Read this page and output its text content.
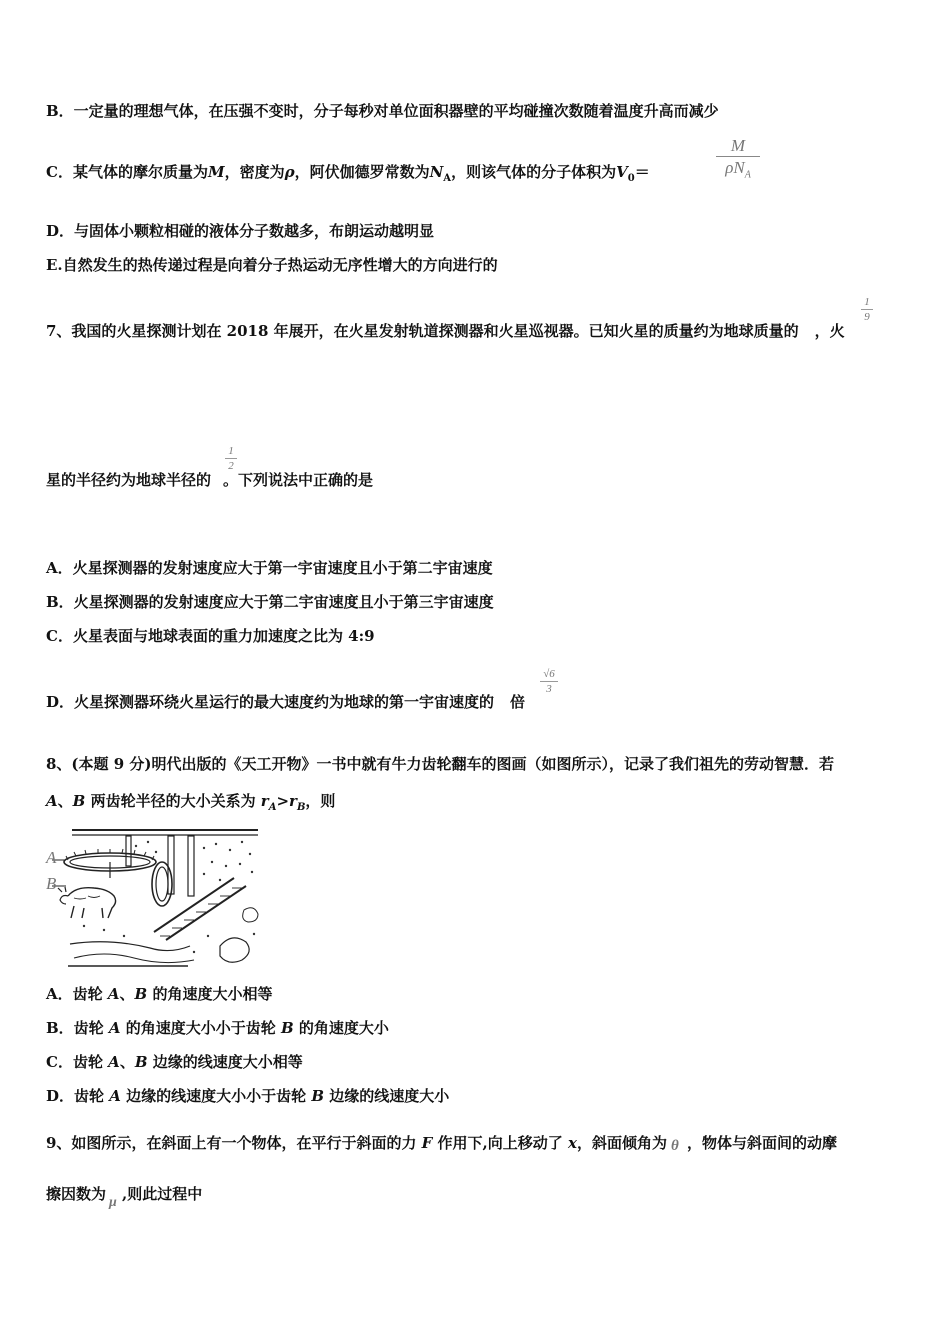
B．一定量的理想气体，在压强不变时，分子每秒对单位面积器壁的平均碰撞次数随着温度升高而减少
C．某气体的摩尔质量为M，密度为ρ，阿伏伽德罗常数为$N_A$，则该气体的分子体积为$V_0=$
M
$\rho N_A$
D．与固体小颗粒相碰的液体分子数越多，布朗运动越明显
E.自然发生的热传递过程是向着分子热运动无序性增大的方向进行的
7、我国的火星探测计划在 2018 年展开，在火星发射轨道探测器和火星巡视器。已知火星的质量约为地球质量的 ，火
1
9
星的半径约为地球半径的 。下列说法中正确的是
1
2
A．火星探测器的发射速度应大于第一宇宙速度且小于第二宇宙速度
B．火星探测器的发射速度应大于第二宇宙速度且小于第三宇宙速度
C．火星表面与地球表面的重力加速度之比为 4:9
D．火星探测器环绕火星运行的最大速度约为地球的第一宇宙速度的 倍
√6
3
8、(本题 9 分)明代出版的《天工开物》一书中就有牛力齿轮翻车的图画（如图所示），记录了我们祖先的劳动智慧．若
A、B 两齿轮半径的大小关系为 $r_A>r_B$，则
A
B
A．齿轮 A、B 的角速度大小相等
B．齿轮 A 的角速度大小小于齿轮 B 的角速度大小
C．齿轮 A、B 边缘的线速度大小相等
D．齿轮 A 边缘的线速度大小小于齿轮 B 边缘的线速度大小
9、如图所示，在斜面上有一个物体，在平行于斜面的力 F 作用下,向上移动了 x，斜面倾角为 θ ，物体与斜面间的动摩
擦因数为 μ ,则此过程中
